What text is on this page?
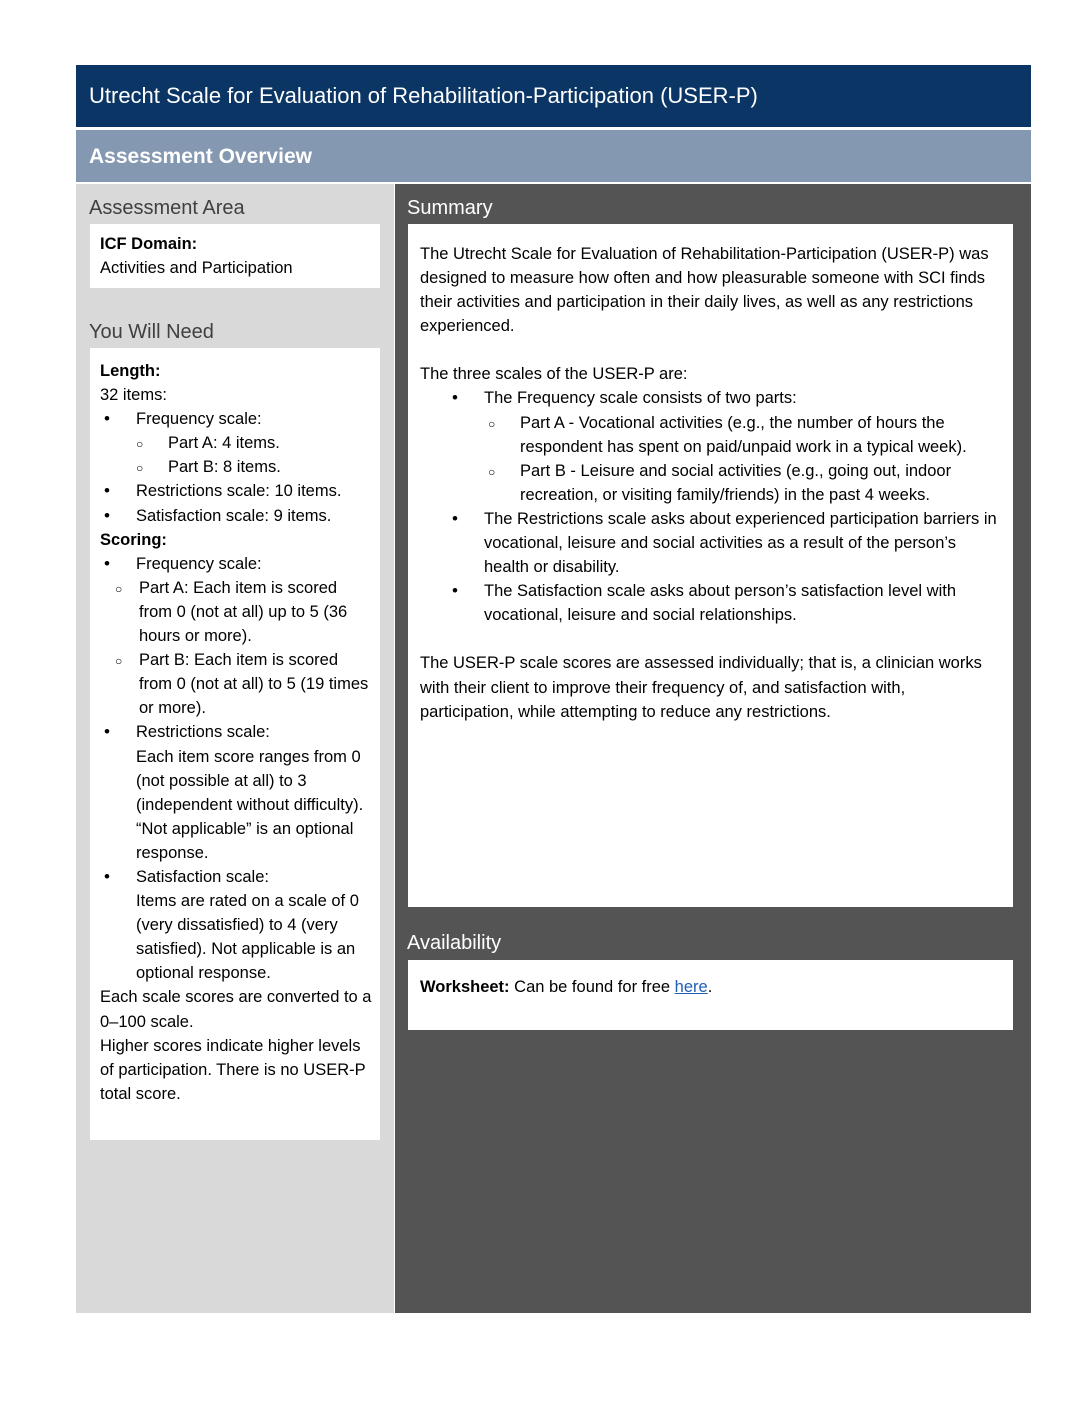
Utrecht Scale for Evaluation of Rehabilitation-Participation (USER-P)
Assessment Overview
Assessment Area

ICF Domain:

Activities and Participation

You Will Need

Length:

32 items:

• Frequency scale:
○ Part A: 4 items.
○ Part B: 8 items.
• Restrictions scale: 10 items.
• Satisfaction scale: 9 items.

Scoring:

• Frequency scale:
○ Part A: Each item is scored from 0 (not at all) up to 5 (36 hours or more).
○ Part B: Each item is scored from 0 (not at all) to 5 (19 times or more).
• Restrictions scale:
Each item score ranges from 0 (not possible at all) to 3 (independent without difficulty). “Not applicable” is an optional response.
• Satisfaction scale:
Items are rated on a scale of 0 (very dissatisfied) to 4 (very satisfied). Not applicable is an optional response.

Each scale scores are converted to a 0–100 scale.

Higher scores indicate higher levels of participation. There is no USER-P total score.

Summary

The Utrecht Scale for Evaluation of Rehabilitation-Participation (USER-P) was designed to measure how often and how pleasurable someone with SCI finds their activities and participation in their daily lives, as well as any restrictions experienced.

The three scales of the USER-P are:

• The Frequency scale consists of two parts:
○ Part A - Vocational activities (e.g., the number of hours the respondent has spent on paid/unpaid work in a typical week).
○ Part B - Leisure and social activities (e.g., going out, indoor recreation, or visiting family/friends) in the past 4 weeks.
• The Restrictions scale asks about experienced participation barriers in vocational, leisure and social activities as a result of the person’s health or disability.
• The Satisfaction scale asks about person’s satisfaction level with vocational, leisure and social relationships.

The USER-P scale scores are assessed individually; that is, a clinician works with their client to improve their frequency of, and satisfaction with, participation, while attempting to reduce any restrictions.

Availability

Worksheet: Can be found for free here.
